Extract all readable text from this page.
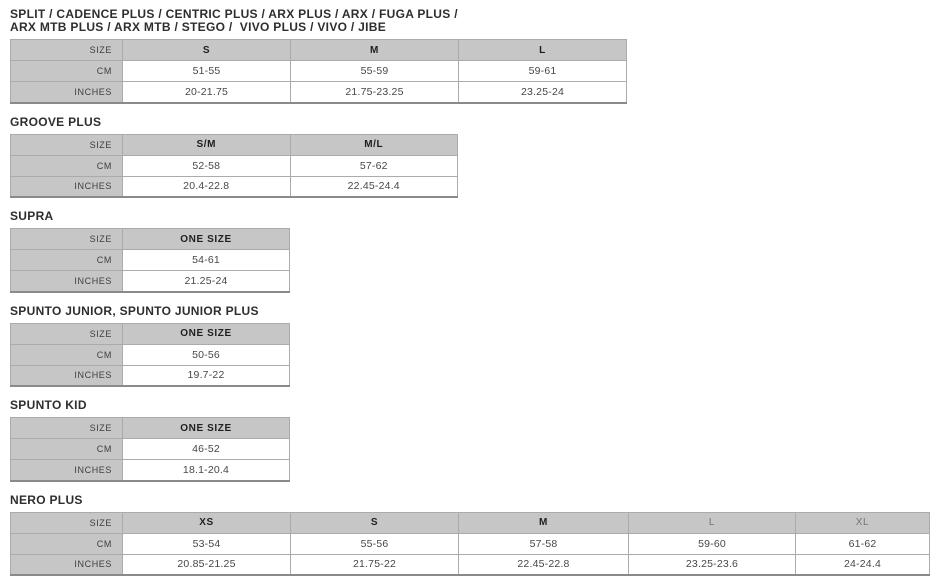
SPLIT / CADENCE PLUS / CENTRIC PLUS / ARX PLUS / ARX / FUGA PLUS /
ARX MTB PLUS / ARX MTB / STEGO /  VIVO PLUS / VIVO / JIBE
SIZE	S	M	L
CM	51-55	55-59	59-61
INCHES	20-21.75	21.75-23.25	23.25-24
GROOVE PLUS
SIZE	S/M	M/L
CM	52-58	57-62
INCHES	20.4-22.8	22.45-24.4
SUPRA
SIZE	ONE SIZE
CM	54-61
INCHES	21.25-24
SPUNTO JUNIOR, SPUNTO JUNIOR PLUS
SIZE	ONE SIZE
CM	50-56
INCHES	19.7-22
SPUNTO KID
SIZE	ONE SIZE
CM	46-52
INCHES	18.1-20.4
NERO PLUS
SIZE	XS	S	M	L	XL
CM	53-54	55-56	57-58	59-60	61-62
INCHES	20.85-21.25	21.75-22	22.45-22.8	23.25-23.6	24-24.4
